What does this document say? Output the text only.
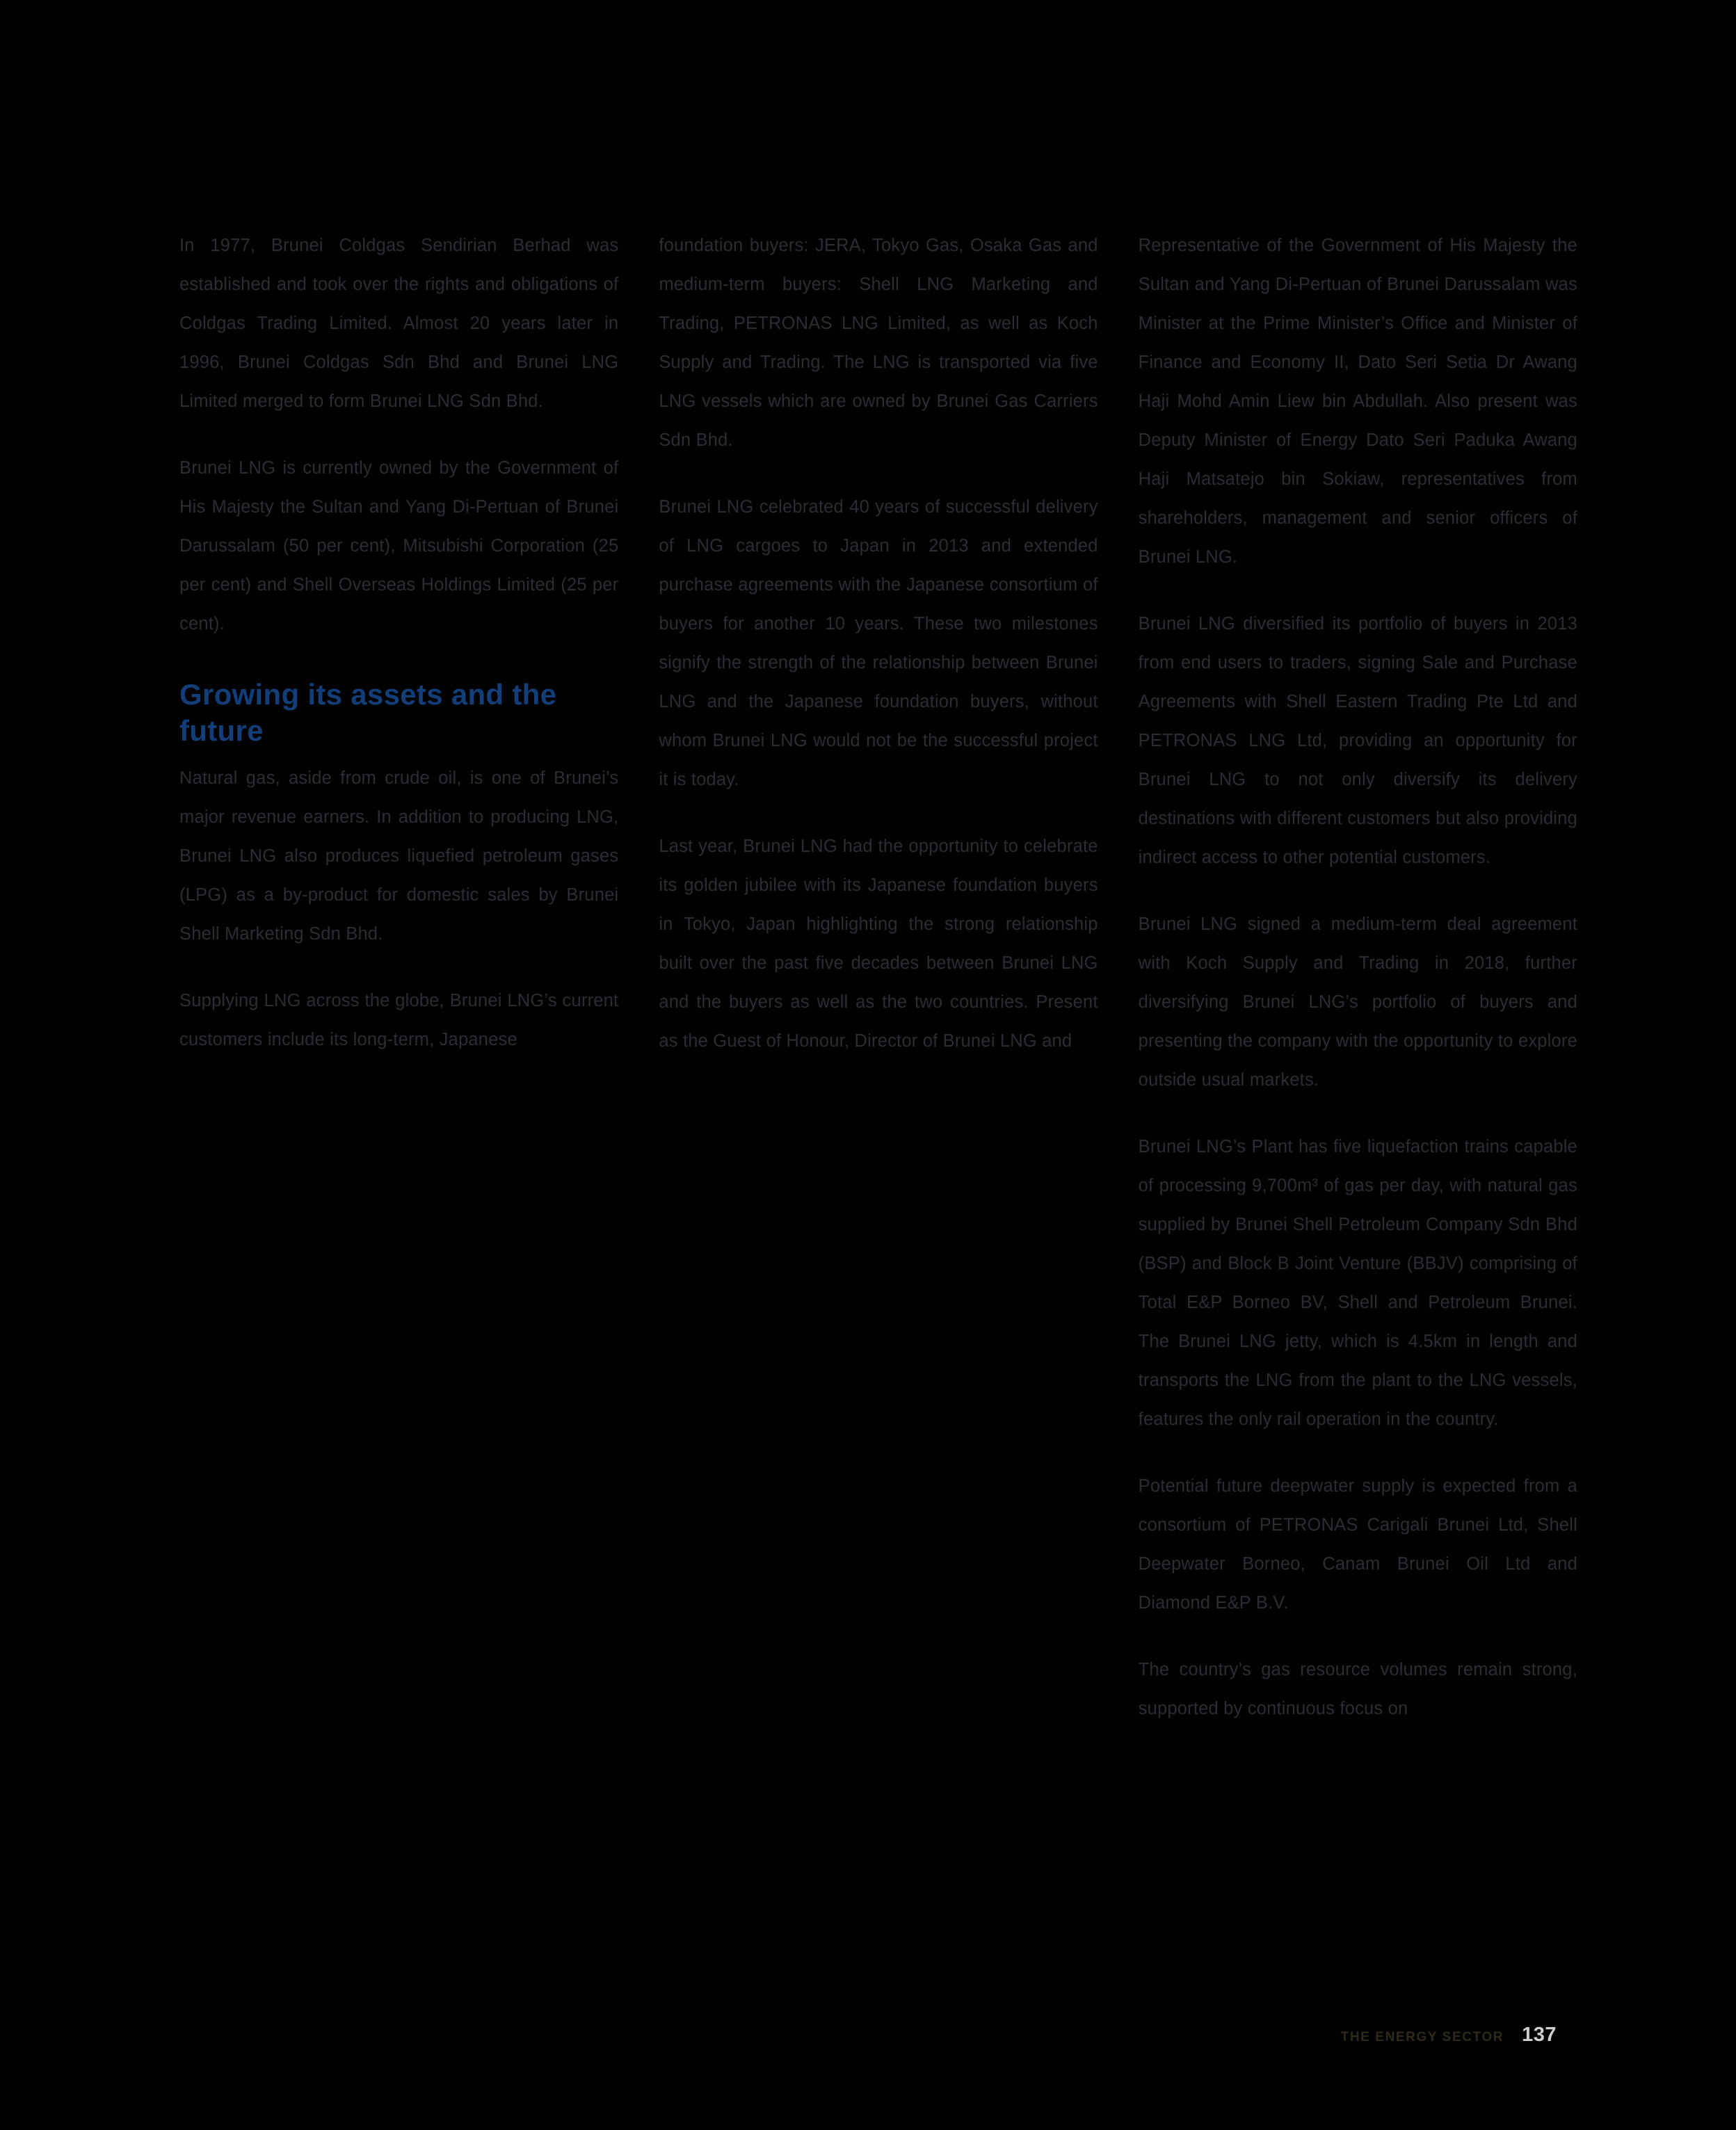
In 1977, Brunei Coldgas Sendirian Berhad was established and took over the rights and obligations of Coldgas Trading Limited. Almost 20 years later in 1996, Brunei Coldgas Sdn Bhd and Brunei LNG Limited merged to form Brunei LNG Sdn Bhd.

Brunei LNG is currently owned by the Government of His Majesty the Sultan and Yang Di-Pertuan of Brunei Darussalam (50 per cent), Mitsubishi Corporation (25 per cent) and Shell Overseas Holdings Limited (25 per cent).

Growing its assets and the future

Natural gas, aside from crude oil, is one of Brunei’s major revenue earners. In addition to producing LNG, Brunei LNG also produces liquefied petroleum gases (LPG) as a by-product for domestic sales by Brunei Shell Marketing Sdn Bhd.

Supplying LNG across the globe, Brunei LNG’s current customers include its long-term, Japanese

foundation buyers: JERA, Tokyo Gas, Osaka Gas and medium-term buyers: Shell LNG Marketing and Trading, PETRONAS LNG Limited, as well as Koch Supply and Trading. The LNG is transported via five LNG vessels which are owned by Brunei Gas Carriers Sdn Bhd.

Brunei LNG celebrated 40 years of successful delivery of LNG cargoes to Japan in 2013 and extended purchase agreements with the Japanese consortium of buyers for another 10 years. These two milestones signify the strength of the relationship between Brunei LNG and the Japanese foundation buyers, without whom Brunei LNG would not be the successful project it is today.

Last year, Brunei LNG had the opportunity to celebrate its golden jubilee with its Japanese foundation buyers in Tokyo, Japan highlighting the strong relationship built over the past five decades between Brunei LNG and the buyers as well as the two countries. Present as the Guest of Honour, Director of Brunei LNG and

Representative of the Government of His Majesty the Sultan and Yang Di-Pertuan of Brunei Darussalam was Minister at the Prime Minister’s Office and Minister of Finance and Economy II, Dato Seri Setia Dr Awang Haji Mohd Amin Liew bin Abdullah. Also present was Deputy Minister of Energy Dato Seri Paduka Awang Haji Matsatejo bin Sokiaw, representatives from shareholders, management and senior officers of Brunei LNG.

Brunei LNG diversified its portfolio of buyers in 2013 from end users to traders, signing Sale and Purchase Agreements with Shell Eastern Trading Pte Ltd and PETRONAS LNG Ltd, providing an opportunity for Brunei LNG to not only diversify its delivery destinations with different customers but also providing indirect access to other potential customers.

Brunei LNG signed a medium-term deal agreement with Koch Supply and Trading in 2018, further diversifying Brunei LNG’s portfolio of buyers and presenting the company with the opportunity to explore outside usual markets.

Brunei LNG’s Plant has five liquefaction trains capable of processing 9,700m³ of gas per day, with natural gas supplied by Brunei Shell Petroleum Company Sdn Bhd (BSP) and Block B Joint Venture (BBJV) comprising of Total E&P Borneo BV, Shell and Petroleum Brunei. The Brunei LNG jetty, which is 4.5km in length and transports the LNG from the plant to the LNG vessels, features the only rail operation in the country.

Potential future deepwater supply is expected from a consortium of PETRONAS Carigali Brunei Ltd, Shell Deepwater Borneo, Canam Brunei Oil Ltd and Diamond E&P B.V.

The country’s gas resource volumes remain strong, supported by continuous focus on

THE ENERGY SECTOR 137
